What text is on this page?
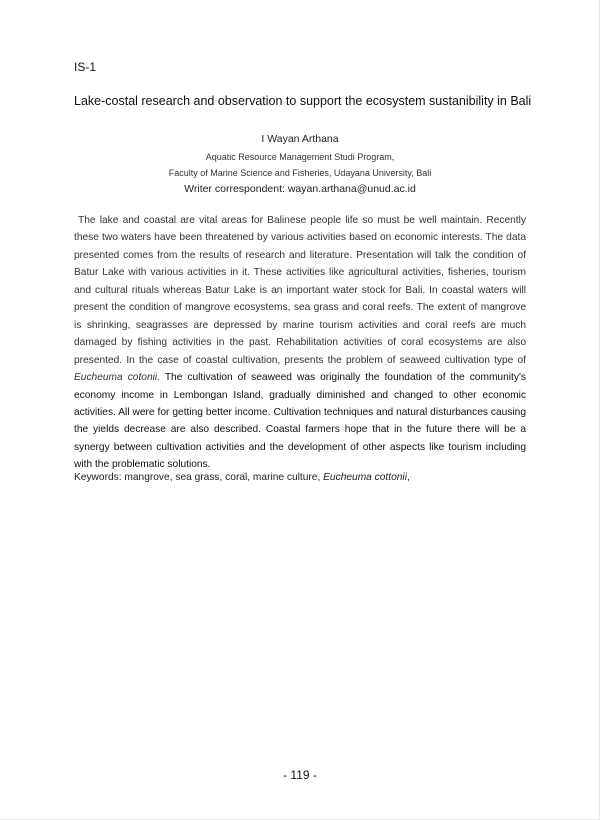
IS-1
Lake-costal research and observation to support the ecosystem sustanibility in Bali
I Wayan Arthana
Aquatic Resource Management Studi Program,
Faculty of Marine Science and Fisheries, Udayana University, Bali
Writer correspondent: wayan.arthana@unud.ac.id

The lake and coastal are vital areas for Balinese people life so must be well maintain. Recently these two waters have been threatened by various activities based on economic interests. The data presented comes from the results of research and literature. Presentation will talk the condition of Batur Lake with various activities in it. These activities like agricultural activities, fisheries, tourism and cultural rituals whereas Batur Lake is an important water stock for Bali. In coastal waters will present the condition of mangrove ecosystems, sea grass and coral reefs. The extent of mangrove is shrinking, seagrasses are depressed by marine tourism activities and coral reefs are much damaged by fishing activities in the past. Rehabilitation activities of coral ecosystems are also presented. In the case of coastal cultivation, presents the problem of seaweed cultivation type of Eucheuma cotonii. The cultivation of seaweed was originally the foundation of the community's economy income in Lembongan Island, gradually diminished and changed to other economic activities. All were for getting better income. Cultivation techniques and natural disturbances causing the yields decrease are also described. Coastal farmers hope that in the future there will be a synergy between cultivation activities and the development of other aspects like tourism including with the problematic solutions.

Keywords: mangrove, sea grass, coral, marine culture, Eucheuma cottonii,
- 119 -
